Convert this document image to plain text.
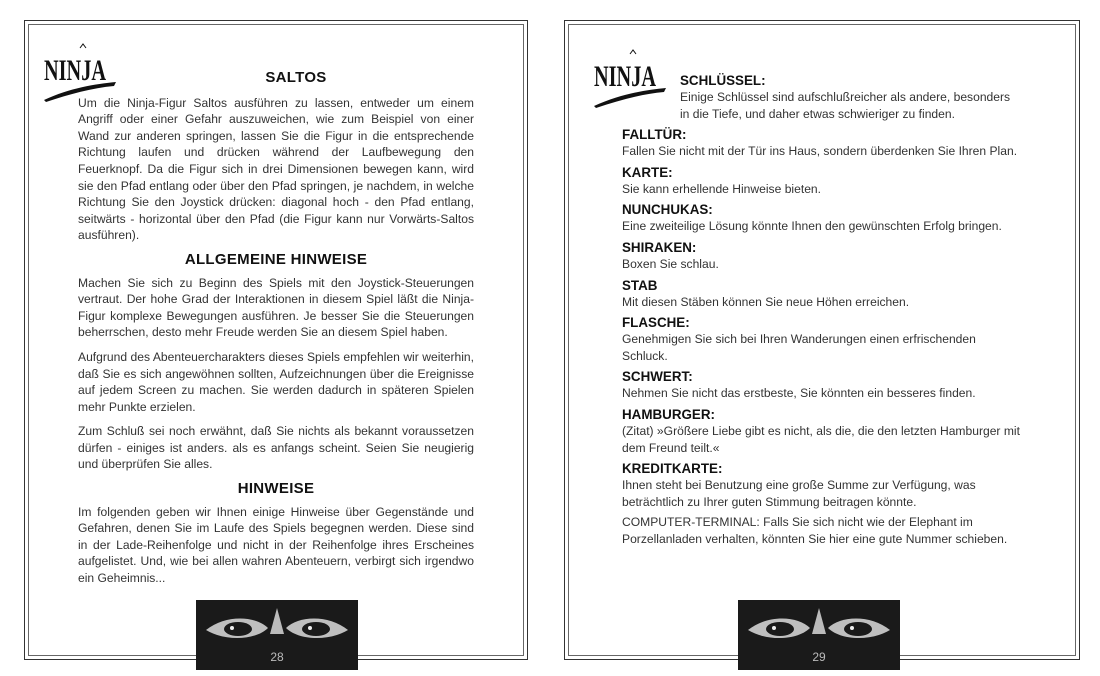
NINJA	SALTOS

Um die Ninja-Figur Saltos ausführen zu lassen, entweder um einem Angriff oder einer Gefahr auszuweichen, wie zum Beispiel von einer Wand zur anderen springen, lassen Sie die Figur in die entsprechende Richtung laufen und drücken während der Laufbewegung den Feuerknopf. Da die Figur sich in drei Dimensionen bewegen kann, wird sie den Pfad entlang oder über den Pfad springen, je nachdem, in welche Richtung Sie den Joystick drücken: diagonal hoch - den Pfad entlang, seitwärts - horizontal über den Pfad (die Figur kann nur Vorwärts-Saltos ausführen).

ALLGEMEINE HINWEISE

Machen Sie sich zu Beginn des Spiels mit den Joystick-Steuerungen vertraut. Der hohe Grad der Interaktionen in diesem Spiel läßt die Ninja-Figur komplexe Bewegungen ausführen. Je besser Sie die Steuerungen beherrschen, desto mehr Freude werden Sie an diesem Spiel haben.

Aufgrund des Abenteuercharakters dieses Spiels empfehlen wir weiterhin, daß Sie es sich angewöhnen sollten, Aufzeichnungen über die Ereignisse auf jedem Screen zu machen. Sie werden dadurch in späteren Spielen mehr Punkte erzielen.

Zum Schluß sei noch erwähnt, daß Sie nichts als bekannt voraussetzen dürfen - einiges ist anders. als es anfangs scheint. Seien Sie neugierig und überprüfen Sie alles.

HINWEISE

Im folgenden geben wir Ihnen einige Hinweise über Gegenstände und Gefahren, denen Sie im Laufe des Spiels begegnen werden. Diese sind in der Lade-Reihenfolge und nicht in der Reihenfolge ihres Erscheines aufgelistet. Und, wie bei allen wahren Abenteuern, verbirgt sich irgendwo ein Geheimnis...

28
NINJA	SCHLÜSSEL:
Einige Schlüssel sind aufschlußreicher als andere, besonders in die Tiefe, und daher etwas schwieriger zu finden.
FALLTÜR:
Fallen Sie nicht mit der Tür ins Haus, sondern überdenken Sie Ihren Plan.
KARTE:
Sie kann erhellende Hinweise bieten.
NUNCHUKAS:
Eine zweiteilige Lösung könnte Ihnen den gewünschten Erfolg bringen.
SHIRAKEN:
Boxen Sie schlau.
STAB
Mit diesen Stäben können Sie neue Höhen erreichen.
FLASCHE:
Genehmigen Sie sich bei Ihren Wanderungen einen erfrischenden Schluck.
SCHWERT:
Nehmen Sie nicht das erstbeste, Sie könnten ein besseres finden.
HAMBURGER:
(Zitat) »Größere Liebe gibt es nicht, als die, die den letzten Hamburger mit dem Freund teilt.«
KREDITKARTE:
Ihnen steht bei Benutzung eine große Summe zur Verfügung, was beträchtlich zu Ihrer guten Stimmung beitragen könnte.
COMPUTER-TERMINAL: Falls Sie sich nicht wie der Elephant im Porzellanladen verhalten, könnten Sie hier eine gute Nummer schieben.
29
